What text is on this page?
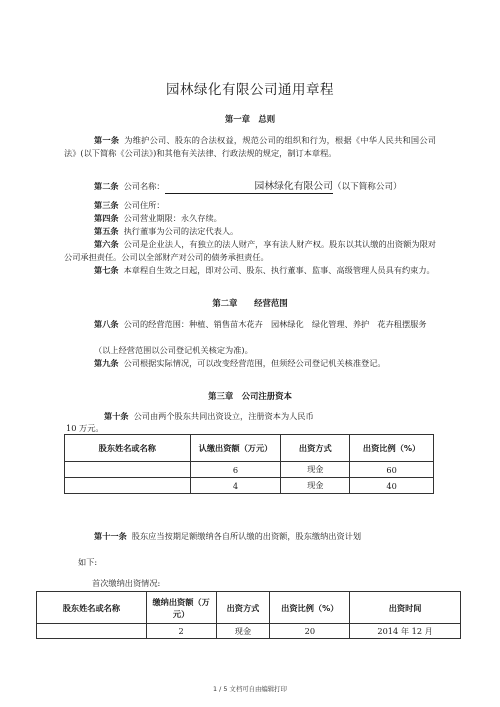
园林绿化有限公司通用章程
第一章　总则
第一条 为维护公司、股东的合法权益，规范公司的组织和行为，根据《中华人民共和国公司法》(以下简称《公司法》)和其他有关法律、行政法规的规定，制订本章程。
第二条 公司名称：	园林绿化有限公司（以下简称公司）
第三条 公司住所：
第四条 公司营业期限：永久存续。
第五条 执行董事为公司的法定代表人。
第六条 公司是企业法人，有独立的法人财产，享有法人财产权。股东以其认缴的出资额为限对公司承担责任。公司以全部财产对公司的债务承担责任。
第七条 本章程自生效之日起，即对公司、股东、执行董事、监事、高级管理人员具有约束力。
第二章　　经营范围
第八条 公司的经营范围：种植、销售苗木花卉　园林绿化　绿化管理、养护　花卉租摆服务
（以上经营范围以公司登记机关核定为准)。
第九条 公司根据实际情况，可以改变经营范围，但须经公司登记机关核准登记。
第三章　公司注册资本
第十条 公司由两个股东共同出资设立，注册资本为人民币
10 万元。
股东姓名或名称	认缴出资额（万元）	出资方式	出资比例（%）
	6	现金	60
	4	现金	40
第十一条 股东应当按期足额缴纳各自所认缴的出资额，股东缴纳出资计划
如下:
首次缴纳出资情况:
股东姓名或名称	缴纳出资额（万元）	出资方式	出资比例（%）	出资时间
	2	现金	20	2014 年 12 月
1 / 5 文档可自由编辑打印
